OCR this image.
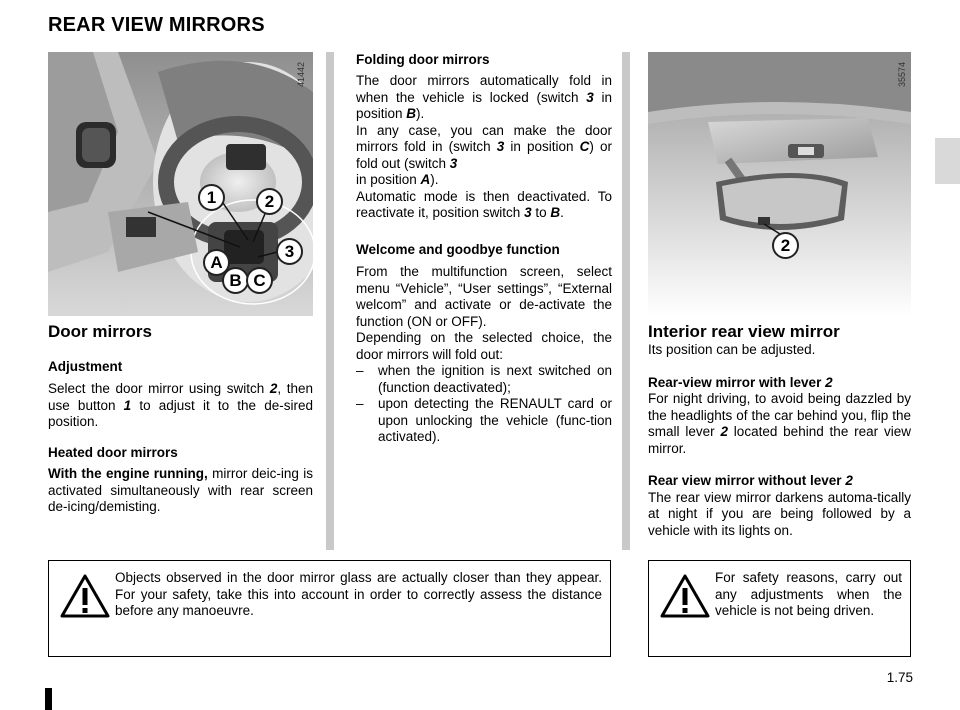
REAR VIEW MIRRORS
1	2
3
A
B C
41442
2
35574
Door mirrors
Adjustment

Select the door mirror using switch 2, then use button 1 to adjust it to the de-sired position.

Heated door mirrors

With the engine running, mirror deic-ing is activated simultaneously with rear screen de-icing/demisting.

Folding door mirrors

The door mirrors automatically fold in when the vehicle is locked (switch 3 in position B).

In any case, you can make the door mirrors fold in (switch 3 in position C) or fold out (switch 3
in position A).

Automatic mode is then deactivated. To reactivate it, position switch 3 to B.

Welcome and goodbye function

From the multifunction screen, select menu “Vehicle”, “User settings”, “External welcom” and activate or de-activate the function (ON or OFF).

Depending on the selected choice, the door mirrors will fold out:

– when the ignition is next switched on (function deactivated);
– upon detecting the RENAULT card or upon unlocking the vehicle (func-tion activated).
Interior rear view mirror

Its position can be adjusted.

Rear-view mirror with lever 2

For night driving, to avoid being dazzled by the headlights of the car behind you, flip the small lever 2 located behind the rear view mirror.

Rear view mirror without lever 2

The rear view mirror darkens automa-tically at night if you are being followed by a vehicle with its lights on.

Objects observed in the door mirror glass are actually closer than they appear. For your safety, take this into account in order to correctly assess the distance before any manoeuvre.
For safety reasons, carry out any adjustments when the vehicle is not being driven.
1.75
